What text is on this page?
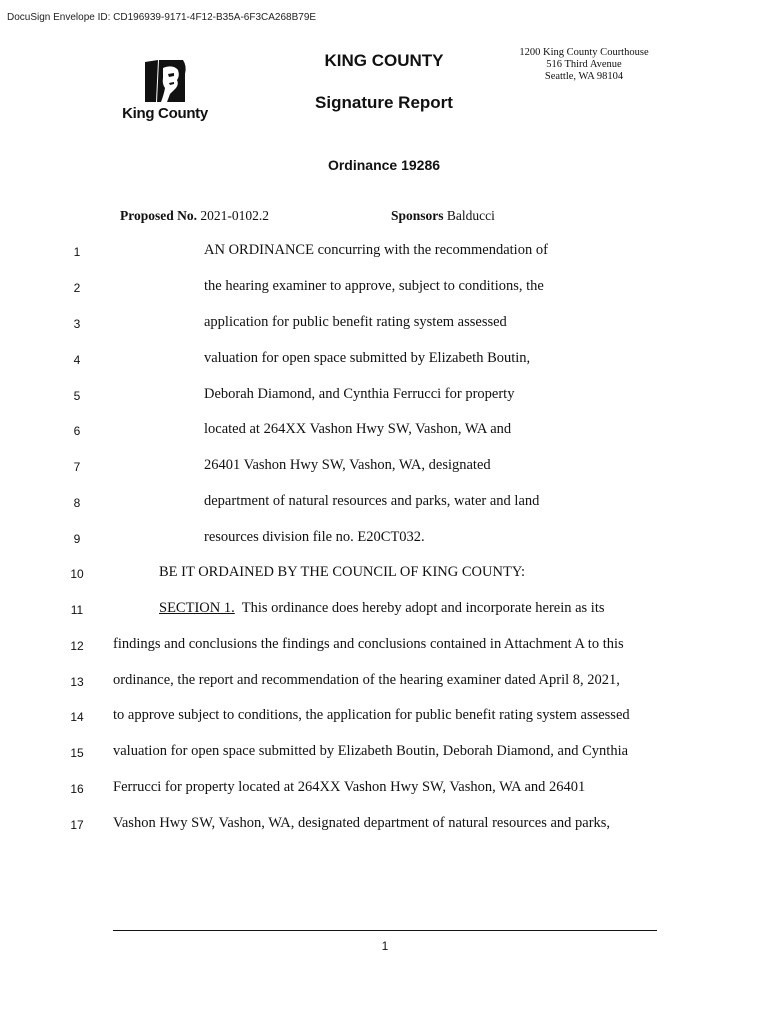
DocuSign Envelope ID: CD196939-9171-4F12-B35A-6F3CA268B79E
King County
KING COUNTY
Signature Report
1200 King County Courthouse
516 Third Avenue
Seattle, WA 98104
Ordinance 19286
Proposed No. 2021-0102.2	Sponsors Balducci
1	AN ORDINANCE concurring with the recommendation of
2	the hearing examiner to approve, subject to conditions, the
3	application for public benefit rating system assessed
4	valuation for open space submitted by Elizabeth Boutin,
5	Deborah Diamond, and Cynthia Ferrucci for property
6	located at 264XX Vashon Hwy SW, Vashon, WA and
7	26401 Vashon Hwy SW, Vashon, WA, designated
8	department of natural resources and parks, water and land
9	resources division file no. E20CT032.
10	BE IT ORDAINED BY THE COUNCIL OF KING COUNTY:
11	SECTION 1. This ordinance does hereby adopt and incorporate herein as its
12	findings and conclusions the findings and conclusions contained in Attachment A to this
13	ordinance, the report and recommendation of the hearing examiner dated April 8, 2021,
14	to approve subject to conditions, the application for public benefit rating system assessed
15	valuation for open space submitted by Elizabeth Boutin, Deborah Diamond, and Cynthia
16	Ferrucci for property located at 264XX Vashon Hwy SW, Vashon, WA and 26401
17	Vashon Hwy SW, Vashon, WA, designated department of natural resources and parks,
1
